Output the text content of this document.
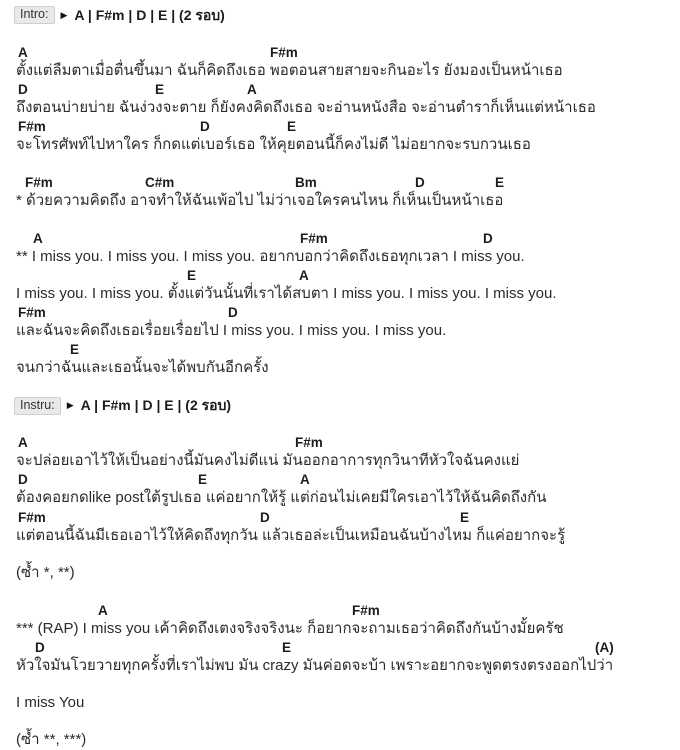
Intro:	▶ A | F#m | D | E | (2 รอบ)
A	F#m
ตั้งแต่ลืมตาเมื่อตื่นขึ้นมา ฉันก็คิดถึงเธอ พอตอนสายสายจะกินอะไร ยังมองเป็นหน้าเธอ
D	E	A
ถึงตอนบ่ายบ่าย ฉันง่วงจะตาย ก็ยังคงคิดถึงเธอ จะอ่านหนังสือ จะอ่านตำราก็เห็นแต่หน้าเธอ
F#m	D	E
จะโทรศัพท์ไปหาใคร ก็กดแต่เบอร์เธอ ให้คุยตอนนี้ก็คงไม่ดี ไม่อยากจะรบกวนเธอ
F#m	C#m	Bm	D	E
* ด้วยความคิดถึง อาจทำให้ฉันเพ้อไป ไม่ว่าเจอใครคนไหน ก็เห็นเป็นหน้าเธอ
A	F#m	D
** I miss you. I miss you. I miss you. อยากบอกว่าคิดถึงเธอทุกเวลา I miss you.
E	A
I miss you. I miss you. ตั้งแต่วันนั้นที่เราได้สบตา I miss you. I miss you. I miss you.
F#m	D
และฉันจะคิดถึงเธอเรื่อยเรื่อยไป I miss you. I miss you. I miss you.
E
จนกว่าฉันและเธอนั้นจะได้พบกันอีกครั้ง
Instru:	▶ A | F#m | D | E | (2 รอบ)
A	F#m
จะปล่อยเอาไว้ให้เป็นอย่างนี้มันคงไม่ดีแน่ มันออกอาการทุกวินาทีหัวใจฉันคงแย่
D	E	A
ต้องคอยกดlike postใต้รูปเธอ แค่อยากให้รู้ แต่ก่อนไม่เคยมีใครเอาไว้ให้ฉันคิดถึงกัน
F#m	D	E
แต่ตอนนี้ฉันมีเธอเอาไว้ให้คิดถึงทุกวัน แล้วเธอล่ะเป็นเหมือนฉันบ้างไหม ก็แค่อยากจะรู้
(ซ้ำ *, **)
A	F#m
*** (RAP) I miss you เค้าคิดถึงเตงจริงจริงนะ ก็อยากจะถามเธอว่าคิดถึงกันบ้างมั้ยครัช
D	E	(A)
หัวใจมันโวยวายทุกครั้งที่เราไม่พบ มัน crazy มันค่อดจะบ้า เพราะอยากจะพูดตรงตรงออกไปว่า
I miss You
(ซ้ำ **, ***)
